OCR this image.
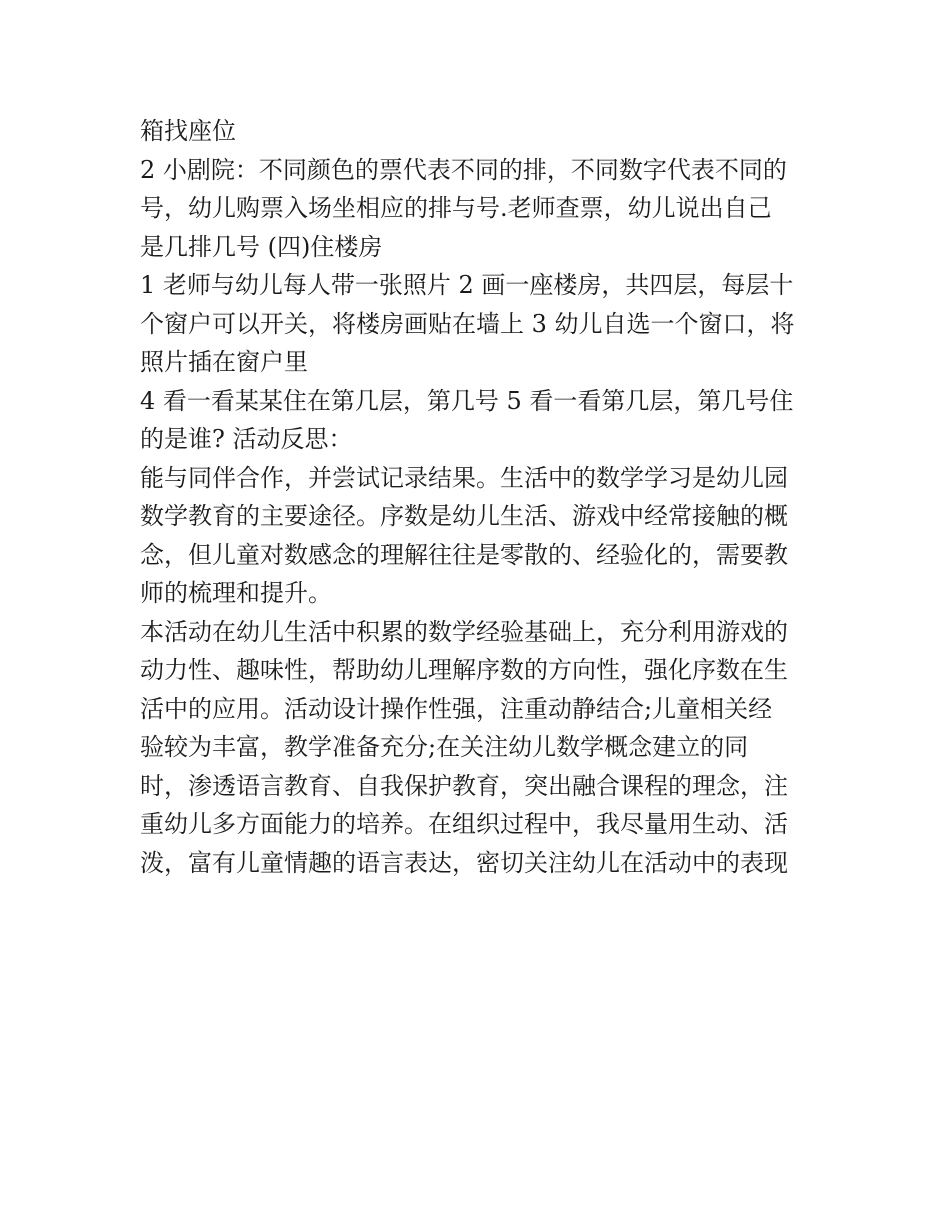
箱找座位
2 小剧院：不同颜色的票代表不同的排，不同数字代表不同的
号，幼儿购票入场坐相应的排与号.老师查票，幼儿说出自己
是几排几号 (四)住楼房
1 老师与幼儿每人带一张照片 2 画一座楼房，共四层，每层十
个窗户可以开关，将楼房画贴在墙上 3 幼儿自选一个窗口，将
照片插在窗户里
4 看一看某某住在第几层，第几号 5 看一看第几层，第几号住
的是谁? 活动反思：
能与同伴合作，并尝试记录结果。生活中的数学学习是幼儿园
数学教育的主要途径。序数是幼儿生活、游戏中经常接触的概
念，但儿童对数感念的理解往往是零散的、经验化的，需要教
师的梳理和提升。
本活动在幼儿生活中积累的数学经验基础上，充分利用游戏的
动力性、趣味性，帮助幼儿理解序数的方向性，强化序数在生
活中的应用。活动设计操作性强，注重动静结合;儿童相关经
验较为丰富，教学准备充分;在关注幼儿数学概念建立的同
时，渗透语言教育、自我保护教育，突出融合课程的理念，注
重幼儿多方面能力的培养。在组织过程中，我尽量用生动、活
泼，富有儿童情趣的语言表达，密切关注幼儿在活动中的表现
